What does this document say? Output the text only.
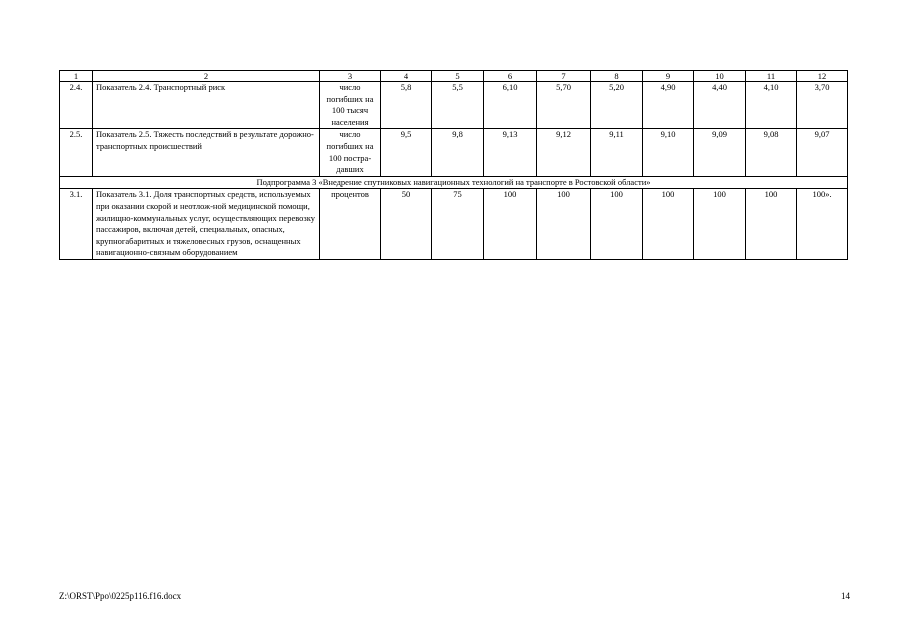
1	2	3	4	5	6	7	8	9	10	11	12
2.4.	Показатель 2.4. Транспортный риск	число погибших на 100 тысяч населения	5,8	5,5	6,10	5,70	5,20	4,90	4,40	4,10	3,70
2.5.	Показатель 2.5. Тяжесть последствий в результате дорожно-транспортных происшествий	число погибших на 100 постра-давших	9,5	9,8	9,13	9,12	9,11	9,10	9,09	9,08	9,07
Подпрограмма 3 «Внедрение спутниковых навигационных технологий на транспорте в Ростовской области»											
3.1.	Показатель 3.1. Доля транспортных средств, используемых при оказании скорой и неотлож-ной медицинской помощи, жилищно-коммунальных услуг, осуществляющих перевозку пассажиров, включая детей, специальных, опасных, крупногабаритных и тяжеловесных грузов, оснащенных навигационно-связным оборудованием	процентов	50	75	100	100	100	100	100	100	100».
Z:\ORST\Ppo\0225p116.f16.docx	14
